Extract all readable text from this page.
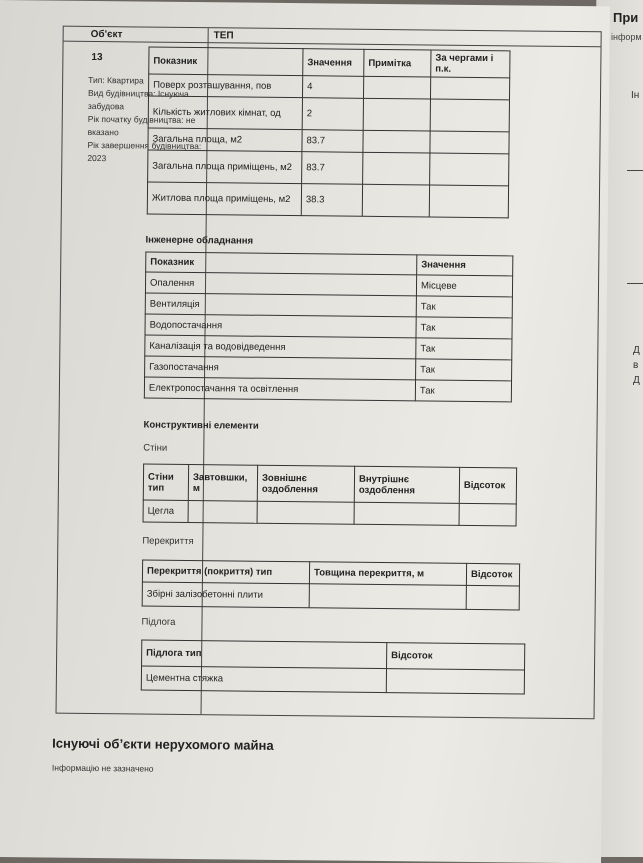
При
інформ
Ін
Д
в
Д
Об'єкт	ТЕП
13
Тип: Квартира
Вид будівництва: Існуюча забудова
Рік початку будівництва: не вказано
Рік завершення будівництва: 2023
Показник	Значення	Примітка	За чергами і п.к.
Поверх розташування, пов	4		
Кількість житлових кімнат, од	2		
Загальна площа, м2	83.7		
Загальна площа приміщень, м2	83.7		
Житлова площа приміщень, м2	38.3		
Інженерне обладнання
Показник	Значення
Опалення	Місцеве
Вентиляція	Так
Водопостачання	Так
Каналізація та водовідведення	Так
Газопостачання	Так
Електропостачання та освітлення	Так
Конструктивні елементи
Стіни
Стіни тип	Завтовшки, м	Зовнішнє оздоблення	Внутрішнє оздоблення	Відсоток
Цегла				
Перекриття
Перекриття (покриття) тип	Товщина перекриття, м	Відсоток
Збірні залізобетонні плити		
Підлога
Підлога тип	Відсоток
Цементна стяжка	
Існуючі об’єкти нерухомого майна
Інформацію не зазначено
